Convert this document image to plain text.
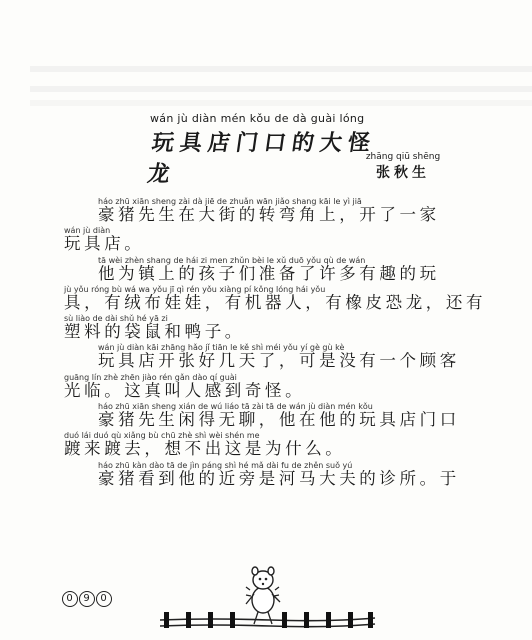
wán jù diàn mén kǒu de dà guài lóng
玩具店门口的大怪龙
zhāng qiū shēng
张秋生
háo zhū xiān sheng zài dà jiē de zhuǎn wān jiǎo shang kāi le yì jiā
豪猪先生在大街的转弯角上，开了一家
wán jù diàn
玩具店。
tā wèi zhèn shang de hái zi men zhǔn bèi le xǔ duō yǒu qù de wán
他为镇上的孩子们准备了许多有趣的玩
jù yǒu róng bù wá wa yǒu jī qì rén yǒu xiàng pí kǒng lóng hái yǒu
具，有绒布娃娃，有机器人，有橡皮恐龙，还有
sù liào de dài shǔ hé yā zi
塑料的袋鼠和鸭子。
wán jù diàn kāi zhāng hǎo jǐ tiān le kě shì méi yǒu yí gè gù kè
玩具店开张好几天了，可是没有一个顾客
guāng lín zhè zhēn jiào rén gǎn dào qí guài
光临。这真叫人感到奇怪。
háo zhū xiān sheng xián de wú liáo tā zài tā de wán jù diàn mén kǒu
豪猪先生闲得无聊，他在他的玩具店门口
duó lái duó qù xiǎng bù chū zhè shì wèi shén me
踱来踱去，想不出这是为什么。
háo zhū kàn dào tā de jìn páng shì hé mǎ dài fu de zhěn suǒ yú
豪猪看到他的近旁是河马大夫的诊所。于
0 9 0
